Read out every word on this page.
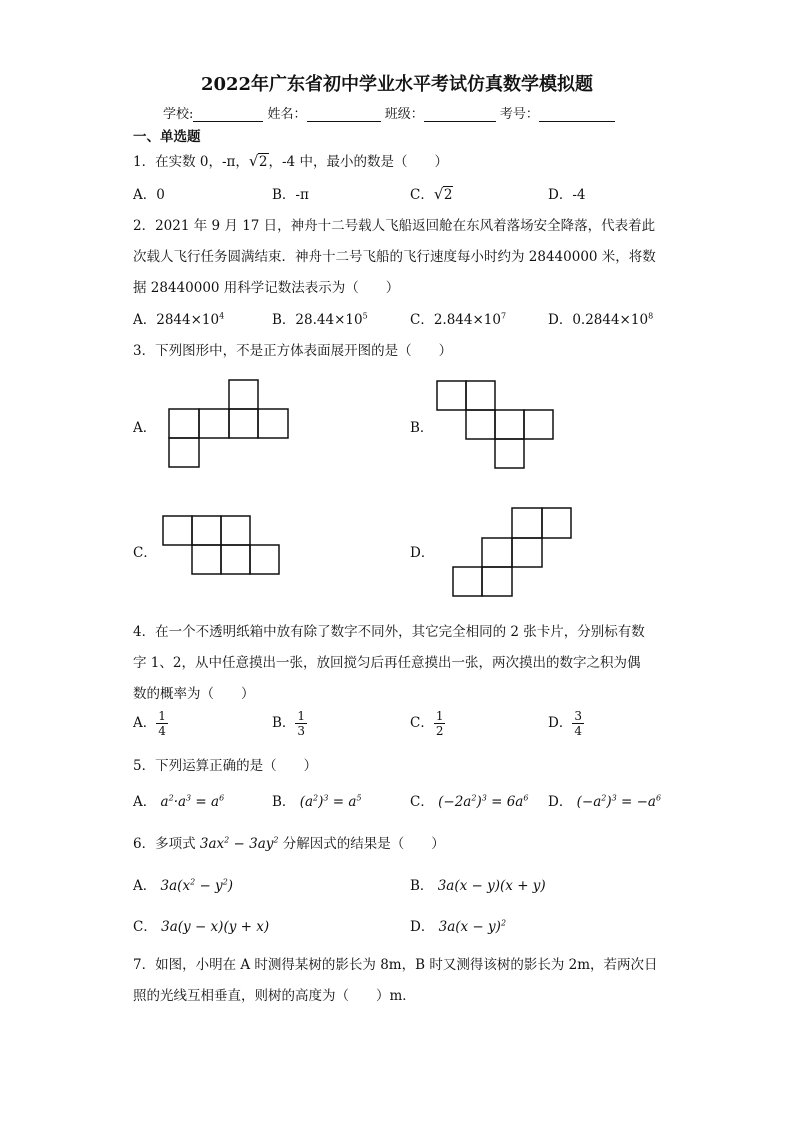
2022年广东省初中学业水平考试仿真数学模拟题
学校:	姓名：	班级：	考号：
一、单选题
1．在实数 0，-π， √ 2，-4 中，最小的数是（　　）
A．0	B．-π	C． √ 2	D．-4
2．2021 年 9 月 17 日，神舟十二号载人飞船返回舱在东风着落场安全降落，代表着此
次载人飞行任务圆满结束．神舟十二号飞船的飞行速度每小时约为 28440000 米，将数
据 28440000 用科学记数法表示为（　　）
A．$2844\times 10^4$	B．$28.44\times 10^5$	C．$2.844\times 10^7$	D．$0.2844\times 10^8$
3．下列图形中，不是正方体表面展开图的是（　　）
A．	B．
C．	D．
4．在一个不透明纸箱中放有除了数字不同外，其它完全相同的 2 张卡片，分别标有数
字 1、2，从中任意摸出一张，放回搅匀后再任意摸出一张，两次摸出的数字之积为偶
数的概率为（　　）
A． $\frac{1}{4}$	B． $\frac{1}{3}$	C． $\frac{1}{2}$	D． $\frac{3}{4}$
5．下列运算正确的是（　　）
A． $a^2\cdot a^3 = a^6$	B． $(a^2)^3 = a^5$	C． $(-2a^2)^3 = 6a^6$ D． $(-a^2)^3 = -a^6$
6．多项式 $3ax^2 - 3ay^2$ 分解因式的结果是（　　）
A． $3a(x^2 - y^2)$	B． 3a(x − y)(x + y)
C． 3a(y − x)(y + x)	D． $3a(x - y)^2$
7．如图，小明在 A 时测得某树的影长为 8m，B 时又测得该树的影长为 2m，若两次日
照的光线互相垂直，则树的高度为（　　）m．
